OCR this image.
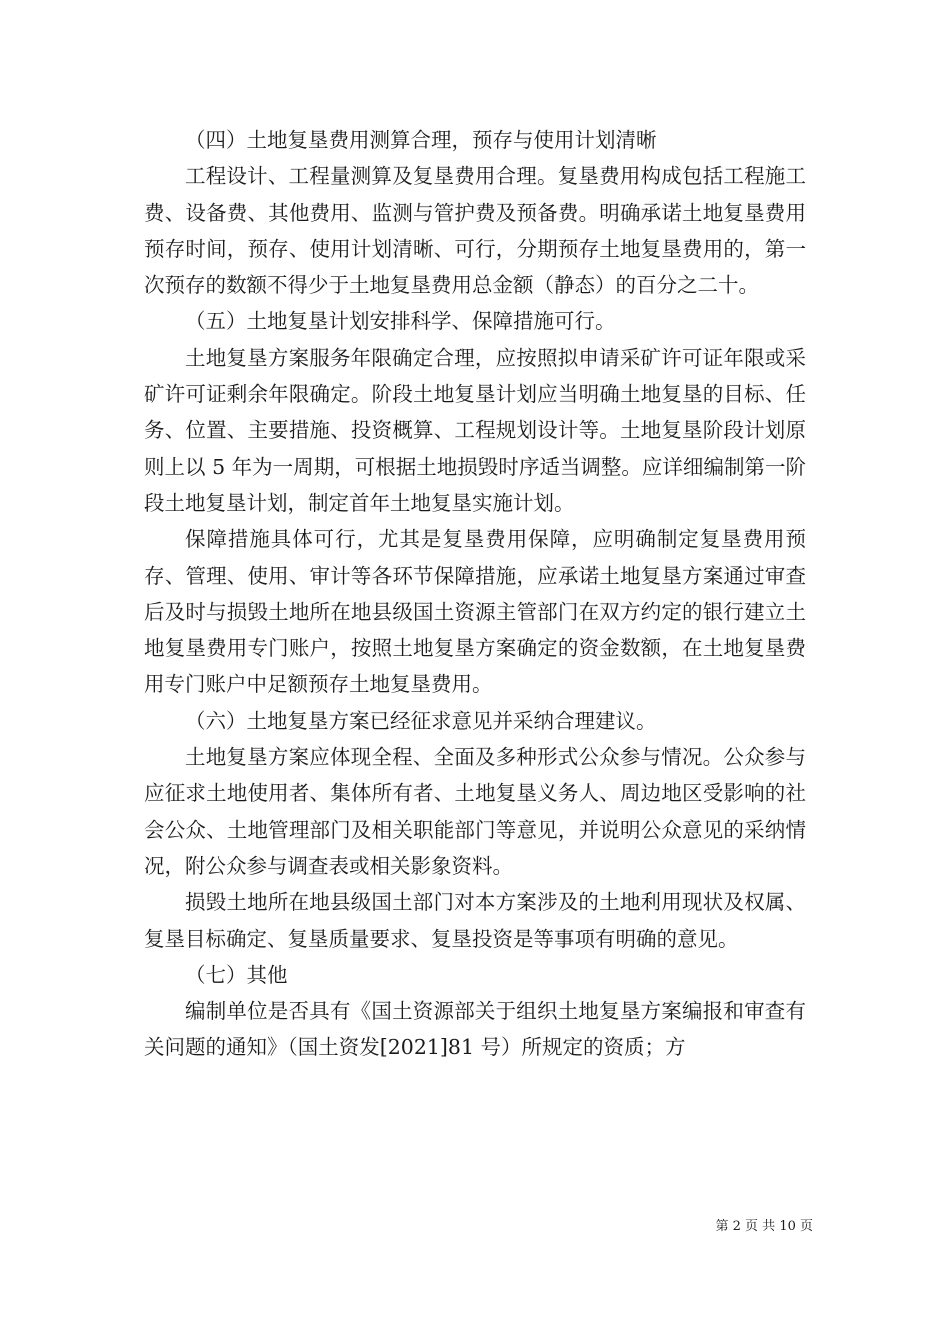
（四）土地复垦费用测算合理，预存与使用计划清晰

工程设计、工程量测算及复垦费用合理。复垦费用构成包括工程施工费、设备费、其他费用、监测与管护费及预备费。明确承诺土地复垦费用预存时间，预存、使用计划清晰、可行，分期预存土地复垦费用的，第一次预存的数额不得少于土地复垦费用总金额（静态）的百分之二十。

（五）土地复垦计划安排科学、保障措施可行。

土地复垦方案服务年限确定合理，应按照拟申请采矿许可证年限或采矿许可证剩余年限确定。阶段土地复垦计划应当明确土地复垦的目标、任务、位置、主要措施、投资概算、工程规划设计等。土地复垦阶段计划原则上以 5 年为一周期，可根据土地损毁时序适当调整。应详细编制第一阶段土地复垦计划，制定首年土地复垦实施计划。

保障措施具体可行，尤其是复垦费用保障，应明确制定复垦费用预存、管理、使用、审计等各环节保障措施，应承诺土地复垦方案通过审查后及时与损毁土地所在地县级国土资源主管部门在双方约定的银行建立土地复垦费用专门账户，按照土地复垦方案确定的资金数额，在土地复垦费用专门账户中足额预存土地复垦费用。

（六）土地复垦方案已经征求意见并采纳合理建议。

土地复垦方案应体现全程、全面及多种形式公众参与情况。公众参与应征求土地使用者、集体所有者、土地复垦义务人、周边地区受影响的社会公众、土地管理部门及相关职能部门等意见，并说明公众意见的采纳情况，附公众参与调查表或相关影象资料。

损毁土地所在地县级国土部门对本方案涉及的土地利用现状及权属、复垦目标确定、复垦质量要求、复垦投资是等事项有明确的意见。

（七）其他

编制单位是否具有《国土资源部关于组织土地复垦方案编报和审查有关问题的通知》（国土资发[2021]81 号）所规定的资质；方

第 2 页 共 10 页
